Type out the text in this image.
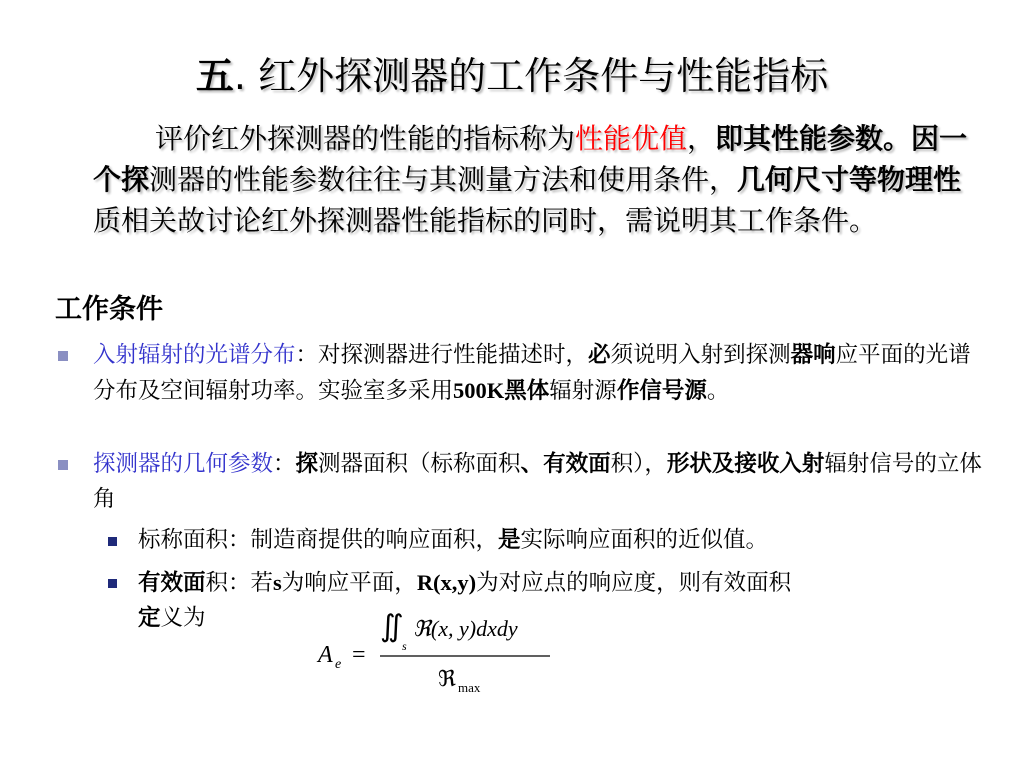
五. 红外探测器的工作条件与性能指标
评价红外探测器的性能的指标称为性能优值，即其性能参数。因一个探测器的性能参数往往与其测量方法和使用条件，几何尺寸等物理性质相关故讨论红外探测器性能指标的同时，需说明其工作条件。
工作条件
入射辐射的光谱分布：对探测器进行性能描述时，必须说明入射到探测器响应平面的光谱分布及空间辐射功率。实验室多采用500K黑体辐射源作信号源。
探测器的几何参数：探测器面积（标称面积、有效面积），形状及接收入射辐射信号的立体角
标称面积：制造商提供的响应面积，是实际响应面积的近似值。
有效面积：若s为响应平面，R(x,y)为对应点的响应度，则有效面积
定义为
A e =
∬
s
ℜ(x, y)dxdy
ℜ max
